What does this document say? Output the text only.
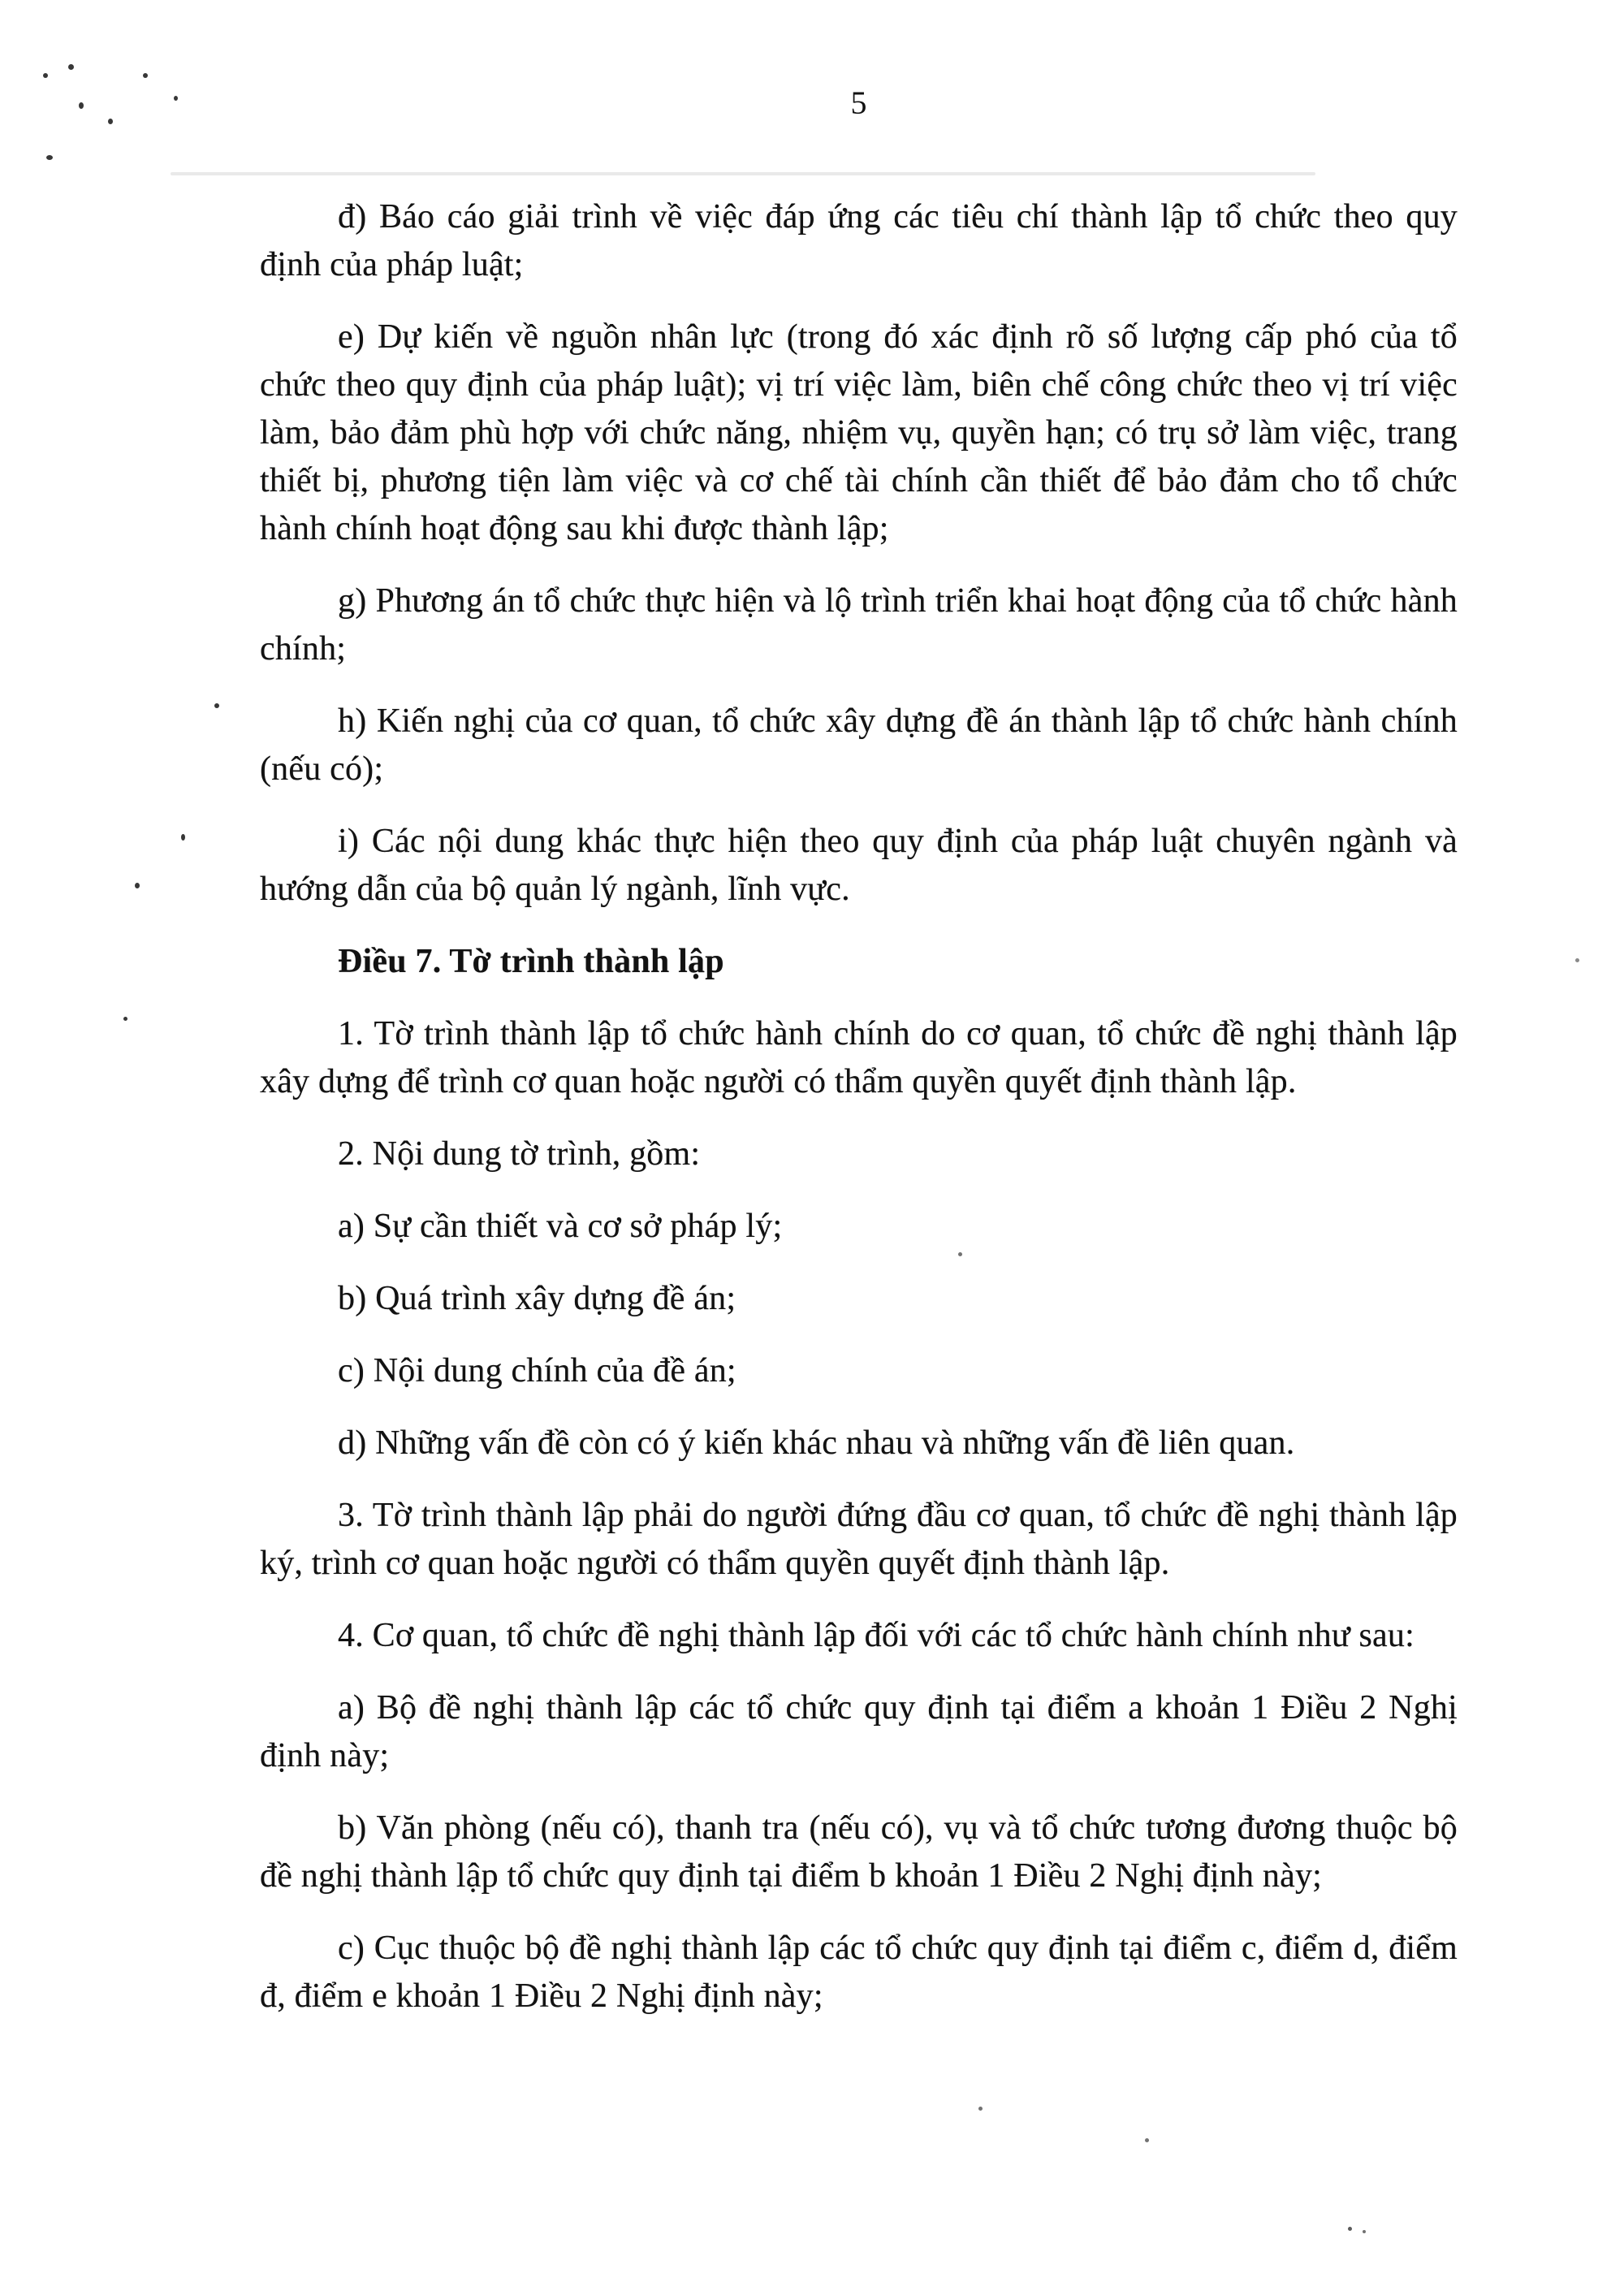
5

đ) Báo cáo giải trình về việc đáp ứng các tiêu chí thành lập tổ chức theo quy định của pháp luật;

e) Dự kiến về nguồn nhân lực (trong đó xác định rõ số lượng cấp phó của tổ chức theo quy định của pháp luật); vị trí việc làm, biên chế công chức theo vị trí việc làm, bảo đảm phù hợp với chức năng, nhiệm vụ, quyền hạn; có trụ sở làm việc, trang thiết bị, phương tiện làm việc và cơ chế tài chính cần thiết để bảo đảm cho tổ chức hành chính hoạt động sau khi được thành lập;

g) Phương án tổ chức thực hiện và lộ trình triển khai hoạt động của tổ chức hành chính;

h) Kiến nghị của cơ quan, tổ chức xây dựng đề án thành lập tổ chức hành chính (nếu có);

i) Các nội dung khác thực hiện theo quy định của pháp luật chuyên ngành và hướng dẫn của bộ quản lý ngành, lĩnh vực.

Điều 7. Tờ trình thành lập

1. Tờ trình thành lập tổ chức hành chính do cơ quan, tổ chức đề nghị thành lập xây dựng để trình cơ quan hoặc người có thẩm quyền quyết định thành lập.

2. Nội dung tờ trình, gồm:

a) Sự cần thiết và cơ sở pháp lý;

b) Quá trình xây dựng đề án;

c) Nội dung chính của đề án;

d) Những vấn đề còn có ý kiến khác nhau và những vấn đề liên quan.

3. Tờ trình thành lập phải do người đứng đầu cơ quan, tổ chức đề nghị thành lập ký, trình cơ quan hoặc người có thẩm quyền quyết định thành lập.

4. Cơ quan, tổ chức đề nghị thành lập đối với các tổ chức hành chính như sau:

a) Bộ đề nghị thành lập các tổ chức quy định tại điểm a khoản 1 Điều 2 Nghị định này;

b) Văn phòng (nếu có), thanh tra (nếu có), vụ và tổ chức tương đương thuộc bộ đề nghị thành lập tổ chức quy định tại điểm b khoản 1 Điều 2 Nghị định này;

c) Cục thuộc bộ đề nghị thành lập các tổ chức quy định tại điểm c, điểm d, điểm đ, điểm e khoản 1 Điều 2 Nghị định này;
